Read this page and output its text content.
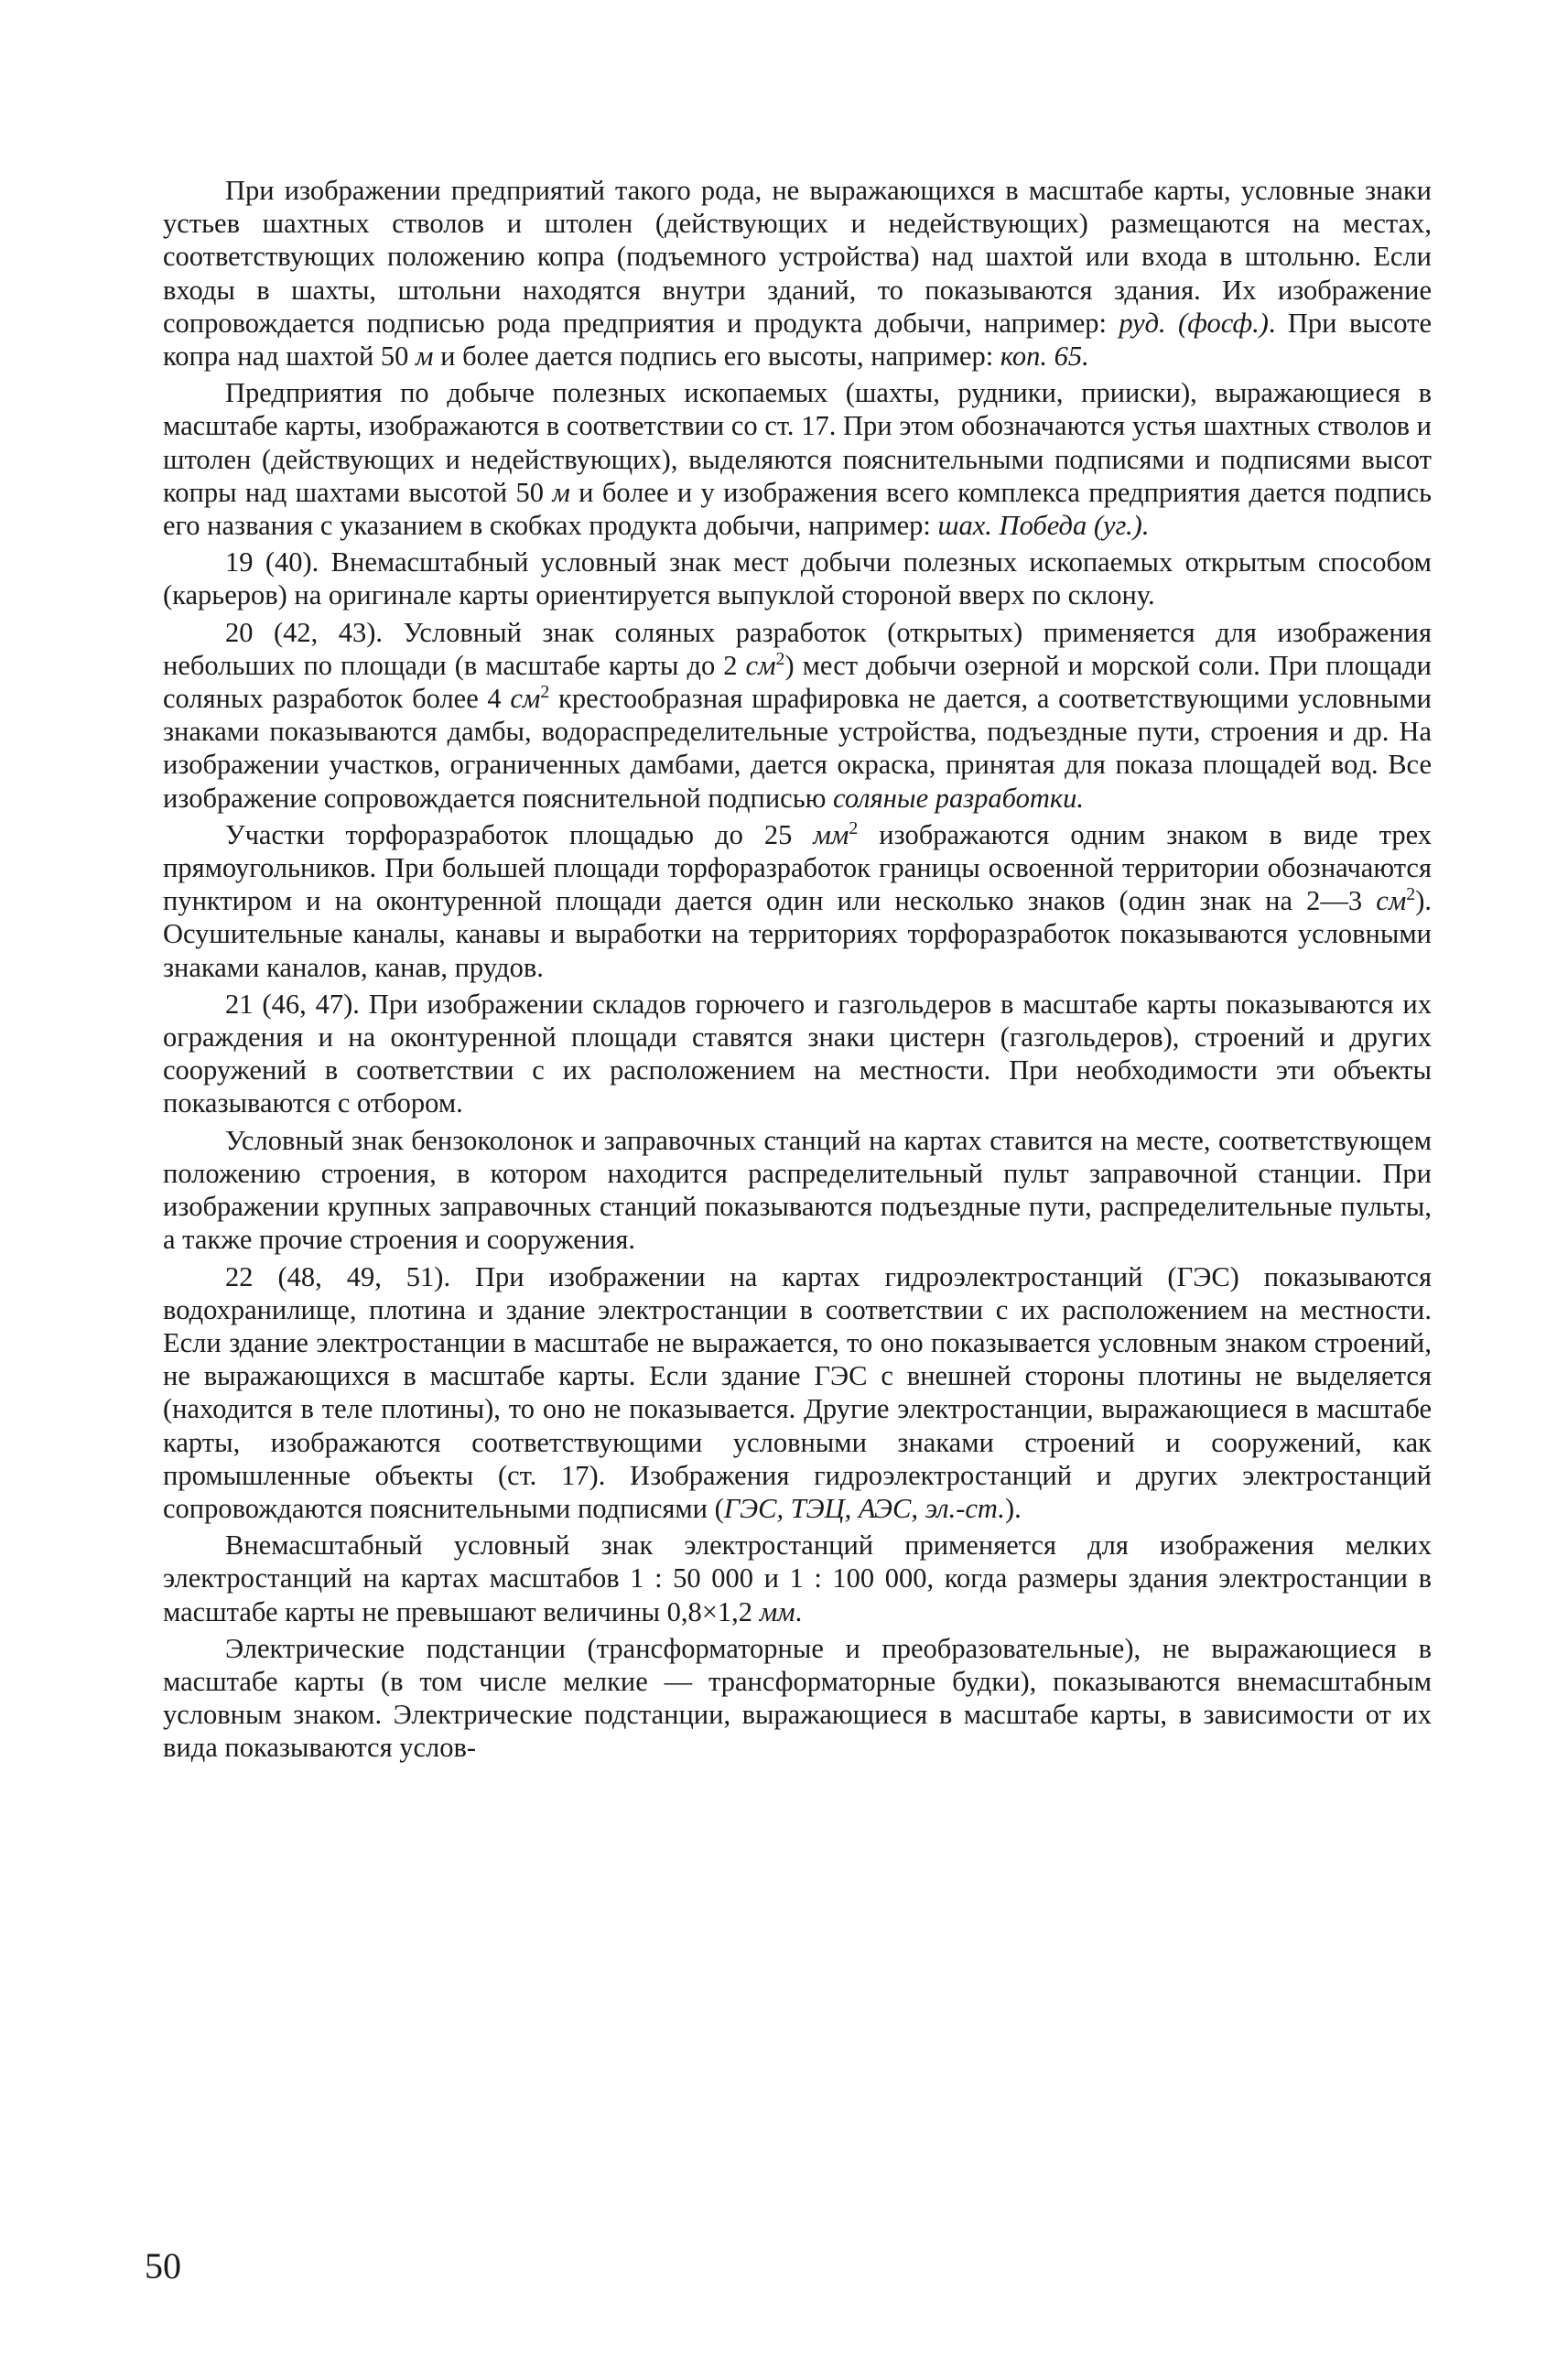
При изображении предприятий такого рода, не выражающихся в масштабе карты, условные знаки устьев шахтных стволов и штолен (действующих и недействующих) размещаются на местах, соответствующих положению копра (подъемного устройства) над шахтой или входа в штольню. Если входы в шахты, штольни находятся внутри зданий, то показываются здания. Их изображение сопровождается подписью рода предприятия и продукта добычи, например: руд. (фосф.). При высоте копра над шахтой 50 м и более дается подпись его высоты, например: коп. 65.

Предприятия по добыче полезных ископаемых (шахты, рудники, прииски), выражающиеся в масштабе карты, изображаются в соответствии со ст. 17. При этом обозначаются устья шахтных стволов и штолен (действующих и недействующих), выделяются пояснительными подписями и подписями высот копры над шахтами высотой 50 м и более и у изображения всего комплекса предприятия дается подпись его названия с указанием в скобках продукта добычи, например: шах. Победа (уг.).

19 (40). Внемасштабный условный знак мест добычи полезных ископаемых открытым способом (карьеров) на оригинале карты ориентируется выпуклой стороной вверх по склону.

20 (42, 43). Условный знак соляных разработок (открытых) применяется для изображения небольших по площади (в масштабе карты до 2 $см^2$) мест добычи озерной и морской соли. При площади соляных разработок более 4 $см^2$ крестообразная шрафировка не дается, а соответствующими условными знаками показываются дамбы, водораспределительные устройства, подъездные пути, строения и др. На изображении участков, ограниченных дамбами, дается окраска, принятая для показа площадей вод. Все изображение сопровождается пояснительной подписью соляные разработки.

Участки торфоразработок площадью до 25 $мм^2$ изображаются одним знаком в виде трех прямоугольников. При большей площади торфоразработок границы освоенной территории обозначаются пунктиром и на оконтуренной площади дается один или несколько знаков (один знак на 2—3 $см^2$). Осушительные каналы, канавы и выработки на территориях торфоразработок показываются условными знаками каналов, канав, прудов.

21 (46, 47). При изображении складов горючего и газгольдеров в масштабе карты показываются их ограждения и на оконтуренной площади ставятся знаки цистерн (газгольдеров), строений и других сооружений в соответствии с их расположением на местности. При необходимости эти объекты показываются с отбором.

Условный знак бензоколонок и заправочных станций на картах ставится на месте, соответствующем положению строения, в котором находится распределительный пульт заправочной станции. При изображении крупных заправочных станций показываются подъездные пути, распределительные пульты, а также прочие строения и сооружения.

22 (48, 49, 51). При изображении на картах гидроэлектростанций (ГЭС) показываются водохранилище, плотина и здание электростанции в соответствии с их расположением на местности. Если здание электростанции в масштабе не выражается, то оно показывается условным знаком строений, не выражающихся в масштабе карты. Если здание ГЭС с внешней стороны плотины не выделяется (находится в теле плотины), то оно не показывается. Другие электростанции, выражающиеся в масштабе карты, изображаются соответствующими условными знаками строений и сооружений, как промышленные объекты (ст. 17). Изображения гидроэлектростанций и других электростанций сопровождаются пояснительными подписями (ГЭС, ТЭЦ, АЭС, эл.-ст.).

Внемасштабный условный знак электростанций применяется для изображения мелких электростанций на картах масштабов 1 : 50 000 и 1 : 100 000, когда размеры здания электростанции в масштабе карты не превышают величины 0,8×1,2 мм.

Электрические подстанции (трансформаторные и преобразовательные), не выражающиеся в масштабе карты (в том числе мелкие — трансформаторные будки), показываются внемасштабным условным знаком. Электрические подстанции, выражающиеся в масштабе карты, в зависимости от их вида показываются услов-

50
